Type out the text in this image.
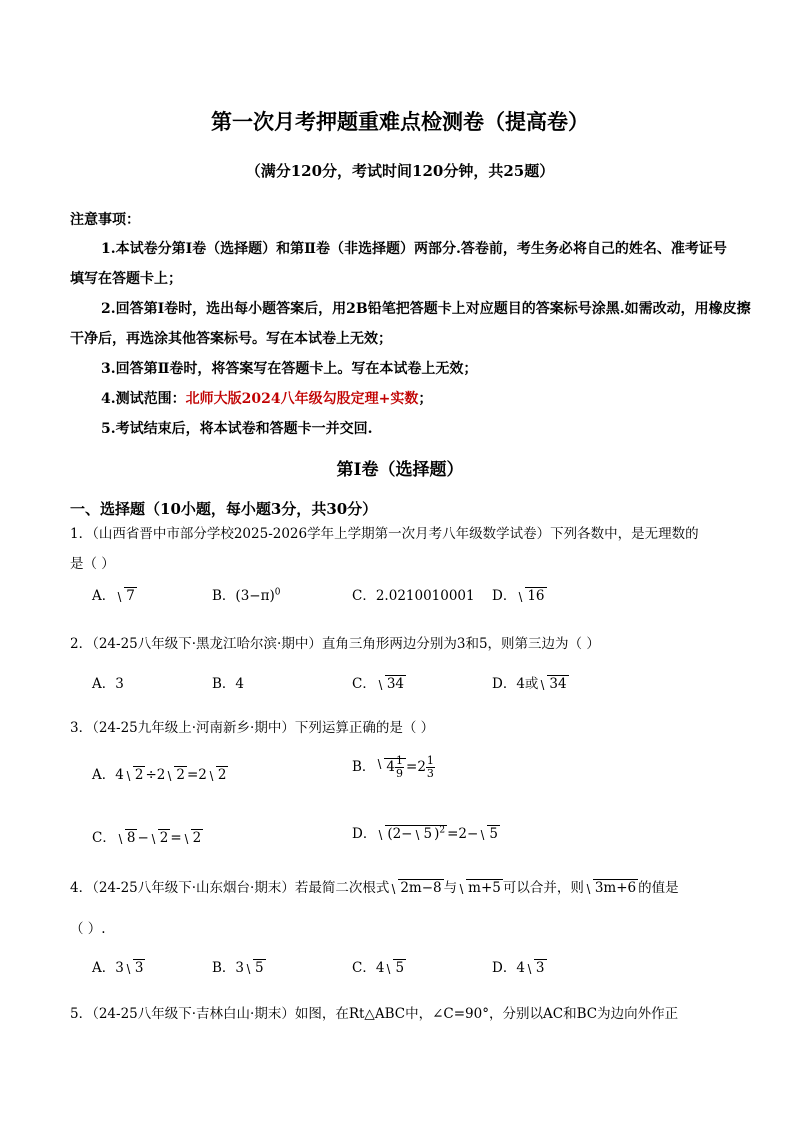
第一次月考押题重难点检测卷（提高卷）
（满分120分，考试时间120分钟，共25题）
注意事项：
1.本试卷分第Ⅰ卷（选择题）和第Ⅱ卷（非选择题）两部分.答卷前，考生务必将自己的姓名、准考证号
填写在答题卡上；
2.回答第Ⅰ卷时，选出每小题答案后，用2B铅笔把答题卡上对应题目的答案标号涂黑.如需改动，用橡皮擦
干净后，再选涂其他答案标号。写在本试卷上无效；
3.回答第Ⅱ卷时，将答案写在答题卡上。写在本试卷上无效；
4.测试范围：北师大版2024八年级勾股定理+实数；
5.考试结束后，将本试卷和答题卡一并交回.
第Ⅰ卷（选择题）
一、选择题（10小题，每小题3分，共30分）
1．（山西省晋中市部分学校2025-2026学年上学期第一次月考八年级数学试卷）下列各数中，是无理数的
是（ ）
A． 7	B．$(3-\pi)^0$	C．2.0210010001 D． 16
2．（24-25八年级下·黑龙江哈尔滨·期中）直角三角形两边分别为3和5，则第三边为（ ）
A．3	B．4	C． 34	D．4或 34
3．（24-25九年级上·河南新乡·期中）下列运算正确的是（ ）
A．4 2 ÷2 2 =2 2	B． $4 \frac{1}{9} =2 \frac{1}{3}$
C． 8 − 2 = 2	D． (2− 5 )$^2$ =2− 5
4．（24-25八年级下·山东烟台·期末）若最简二次根式 2m−8 与 m+5 可以合并，则 3m+6 的值是
（ ）.
A．3 3	B．3 5	C．4 5	D．4 3
5．（24-25八年级下·吉林白山·期末）如图，在Rt△ABC中，∠C=90°，分别以AC和BC为边向外作正
